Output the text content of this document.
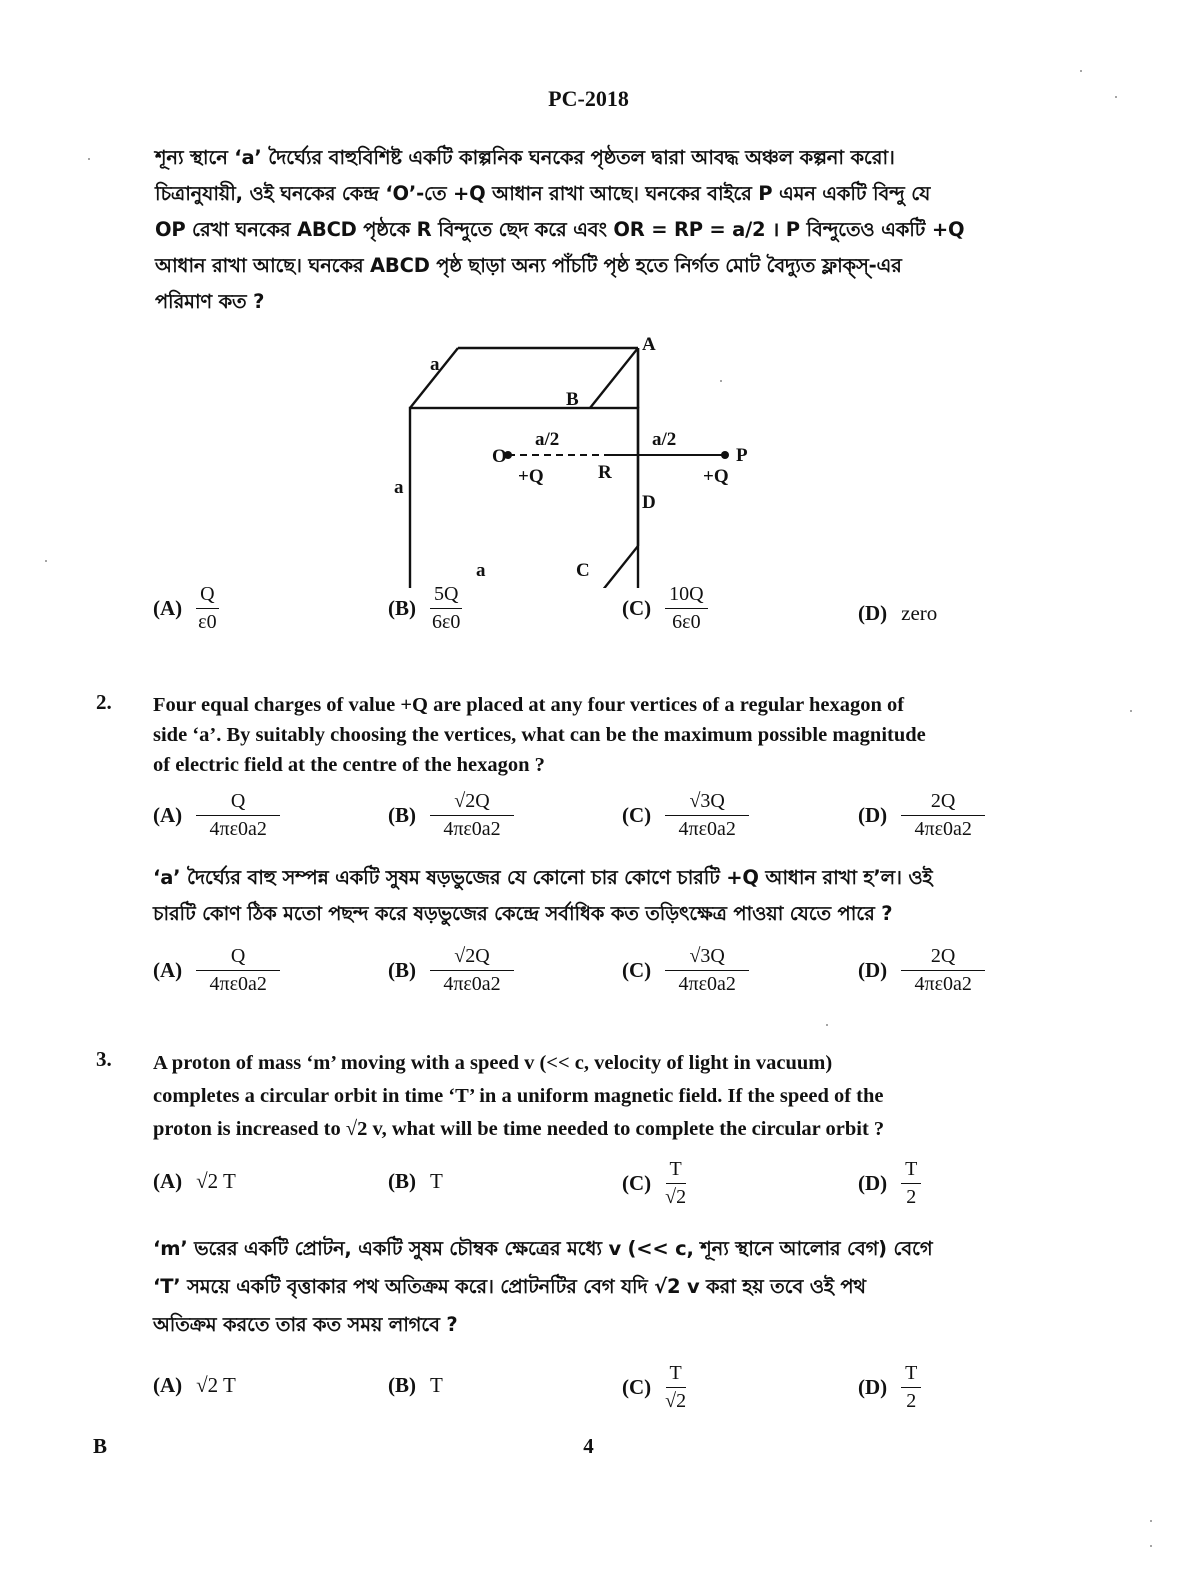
PC-2018
শূন্য স্থানে ‘a’ দৈর্ঘ্যের বাহুবিশিষ্ট একটি কাল্পনিক ঘনকের পৃষ্ঠতল দ্বারা আবদ্ধ অঞ্চল কল্পনা করো।
চিত্রানুযায়ী, ওই ঘনকের কেন্দ্র ‘O’-তে +Q আধান রাখা আছে। ঘনকের বাইরে P এমন একটি বিন্দু যে
OP রেখা ঘনকের ABCD পৃষ্ঠকে R বিন্দুতে ছেদ করে এবং OR = RP = a/2 । P বিন্দুতেও একটি +Q
আধান রাখা আছে। ঘনকের ABCD পৃষ্ঠ ছাড়া অন্য পাঁচটি পৃষ্ঠ হতে নির্গত মোট বৈদ্যুত ফ্লাক্স্-এর
পরিমাণ কত ?
a
a
a
A
B
C
D
O	P
R
a/2	a/2
+Q	+Q
$(A) \frac{Q}{\varepsilon 0}$	$(B) \frac{5Q}{6\varepsilon 0}$	$(C) \frac{10Q}{6\varepsilon 0}$	(D) zero
2. Four equal charges of value +Q are placed at any four vertices of a regular hexagon of
side ‘a’. By suitably choosing the vertices, what can be the maximum possible magnitude
of electric field at the centre of the hexagon ?
$(A) \frac{Q}{4\pi\varepsilon 0a2}$	$(B) \frac{√2Q}{4\pi\varepsilon 0a2}$	$(C) \frac{√3Q}{4\pi\varepsilon 0a2}$	$(D) \frac{2Q}{4\pi\varepsilon 0a2}$
‘a’ দৈর্ঘ্যের বাহু সম্পন্ন একটি সুষম ষড়ভুজের যে কোনো চার কোণে চারটি +Q আধান রাখা হ’ল। ওই
চারটি কোণ ঠিক মতো পছন্দ করে ষড়ভুজের কেন্দ্রে সর্বাধিক কত তড়িৎক্ষেত্র পাওয়া যেতে পারে ?
$(A) \frac{Q}{4\pi\varepsilon 0a2}$	$(B) \frac{√2Q}{4\pi\varepsilon 0a2}$	$(C) \frac{√3Q}{4\pi\varepsilon 0a2}$	$(D) \frac{2Q}{4\pi\varepsilon 0a2}$
3. A proton of mass ‘m’ moving with a speed v (<< c, velocity of light in vacuum)
completes a circular orbit in time ‘T’ in a uniform magnetic field. If the speed of the
proton is increased to √2 v, what will be time needed to complete the circular orbit ?
(A) √2 T	(B) T	$(C) \frac{T}{√2}$	$(D) \frac{T}{2}$
‘m’ ভরের একটি প্রোটন, একটি সুষম চৌম্বক ক্ষেত্রের মধ্যে v (<< c, শূন্য স্থানে আলোর বেগ) বেগে
‘T’ সময়ে একটি বৃত্তাকার পথ অতিক্রম করে। প্রোটনটির বেগ যদি √2 v করা হয় তবে ওই পথ
অতিক্রম করতে তার কত সময় লাগবে ?
(A) √2 T	(B) T	$(C) \frac{T}{√2}$	$(D) \frac{T}{2}$
B	4
